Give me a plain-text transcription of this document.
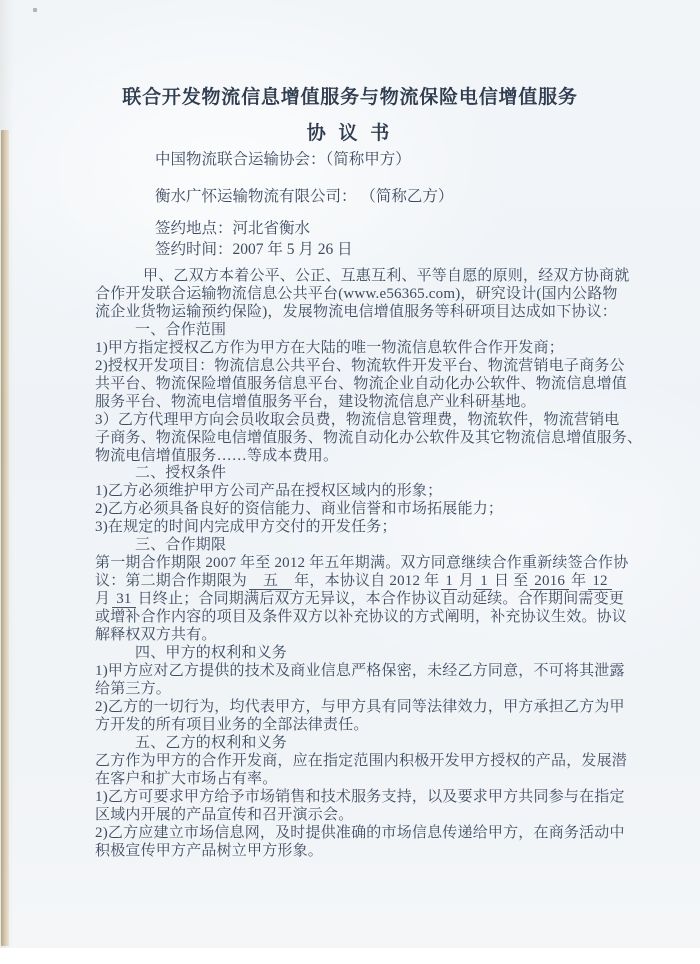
联合开发物流信息增值服务与物流保险电信增值服务
协 议 书
中国物流联合运输协会：（简称甲方）
衡水广怀运输物流有限公司： （简称乙方）
签约地点：河北省衡水
签约时间：2007 年 5 月 26 日
甲、乙双方本着公平、公正、互惠互利、平等自愿的原则，经双方协商就
合作开发联合运输物流信息公共平台(www.e56365.com)，研究设计(国内公路物
流企业货物运输预约保险)，发展物流电信增值服务等科研项目达成如下协议：
一、合作范围
1)甲方指定授权乙方作为甲方在大陆的唯一物流信息软件合作开发商；
2)授权开发项目：物流信息公共平台、物流软件开发平台、物流营销电子商务公
共平台、物流保险增值服务信息平台、物流企业自动化办公软件、物流信息增值
服务平台、物流电信增值服务平台，建设物流信息产业科研基地。
3）乙方代理甲方向会员收取会员费，物流信息管理费，物流软件，物流营销电
子商务、物流保险电信增值服务、物流自动化办公软件及其它物流信息增值服务、
物流电信增值服务……等成本费用。
二、授权条件
1)乙方必须维护甲方公司产品在授权区域内的形象；
2)乙方必须具备良好的资信能力、商业信誉和市场拓展能力；
3)在规定的时间内完成甲方交付的开发任务；
三、合作期限
第一期合作期限 2007 年至 2012 年五年期满。双方同意继续合作重新续签合作协
议：第二期合作期限为 五 年，本协议自 2012 年 1 月 1 日 至 2016 年 12
月 31 日终止；合同期满后双方无异议，本合作协议自动延续。合作期间需变更
或增补合作内容的项目及条件双方以补充协议的方式阐明，补充协议生效。协议
解释权双方共有。
四、甲方的权利和义务
1)甲方应对乙方提供的技术及商业信息严格保密，未经乙方同意，不可将其泄露
给第三方。
2)乙方的一切行为，均代表甲方，与甲方具有同等法律效力，甲方承担乙方为甲
方开发的所有项目业务的全部法律责任。
五、乙方的权利和义务
乙方作为甲方的合作开发商，应在指定范围内积极开发甲方授权的产品，发展潜
在客户和扩大市场占有率。
1)乙方可要求甲方给予市场销售和技术服务支持，以及要求甲方共同参与在指定
区域内开展的产品宣传和召开演示会。
2)乙方应建立市场信息网，及时提供准确的市场信息传递给甲方，在商务活动中
积极宣传甲方产品树立甲方形象。
